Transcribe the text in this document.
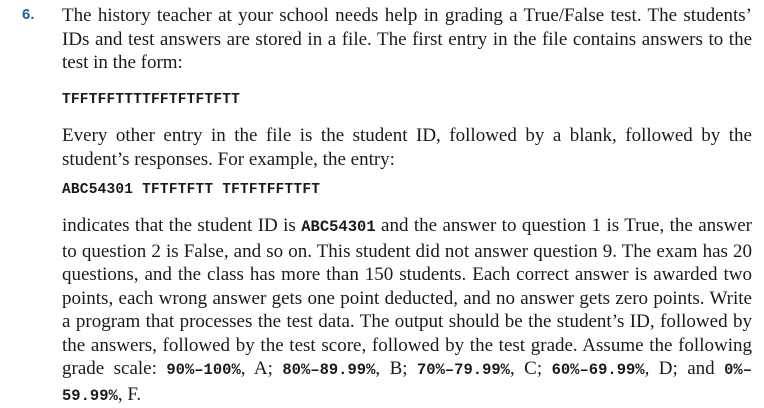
6. The history teacher at your school needs help in grading a True/False test. The students’ IDs and test answers are stored in a file. The first entry in the file contains answers to the test in the form:

TFFTFFTTTTFFTFTFTFTT

Every other entry in the file is the student ID, followed by a blank, followed by the student’s responses. For example, the entry:

ABC54301 TFTFTFTT TFTFTFFTTFT

indicates that the student ID is ABC54301 and the answer to question 1 is True, the answer to question 2 is False, and so on. This student did not answer question 9. The exam has 20 questions, and the class has more than 150 students. Each correct answer is awarded two points, each wrong answer gets one point deducted, and no answer gets zero points. Write a program that processes the test data. The output should be the student’s ID, followed by the answers, followed by the test score, followed by the test grade. Assume the following grade scale: 90%–100%, A; 80%–89.99%, B; 70%–79.99%, C; 60%–69.99%, D; and 0%–59.99%, F.
